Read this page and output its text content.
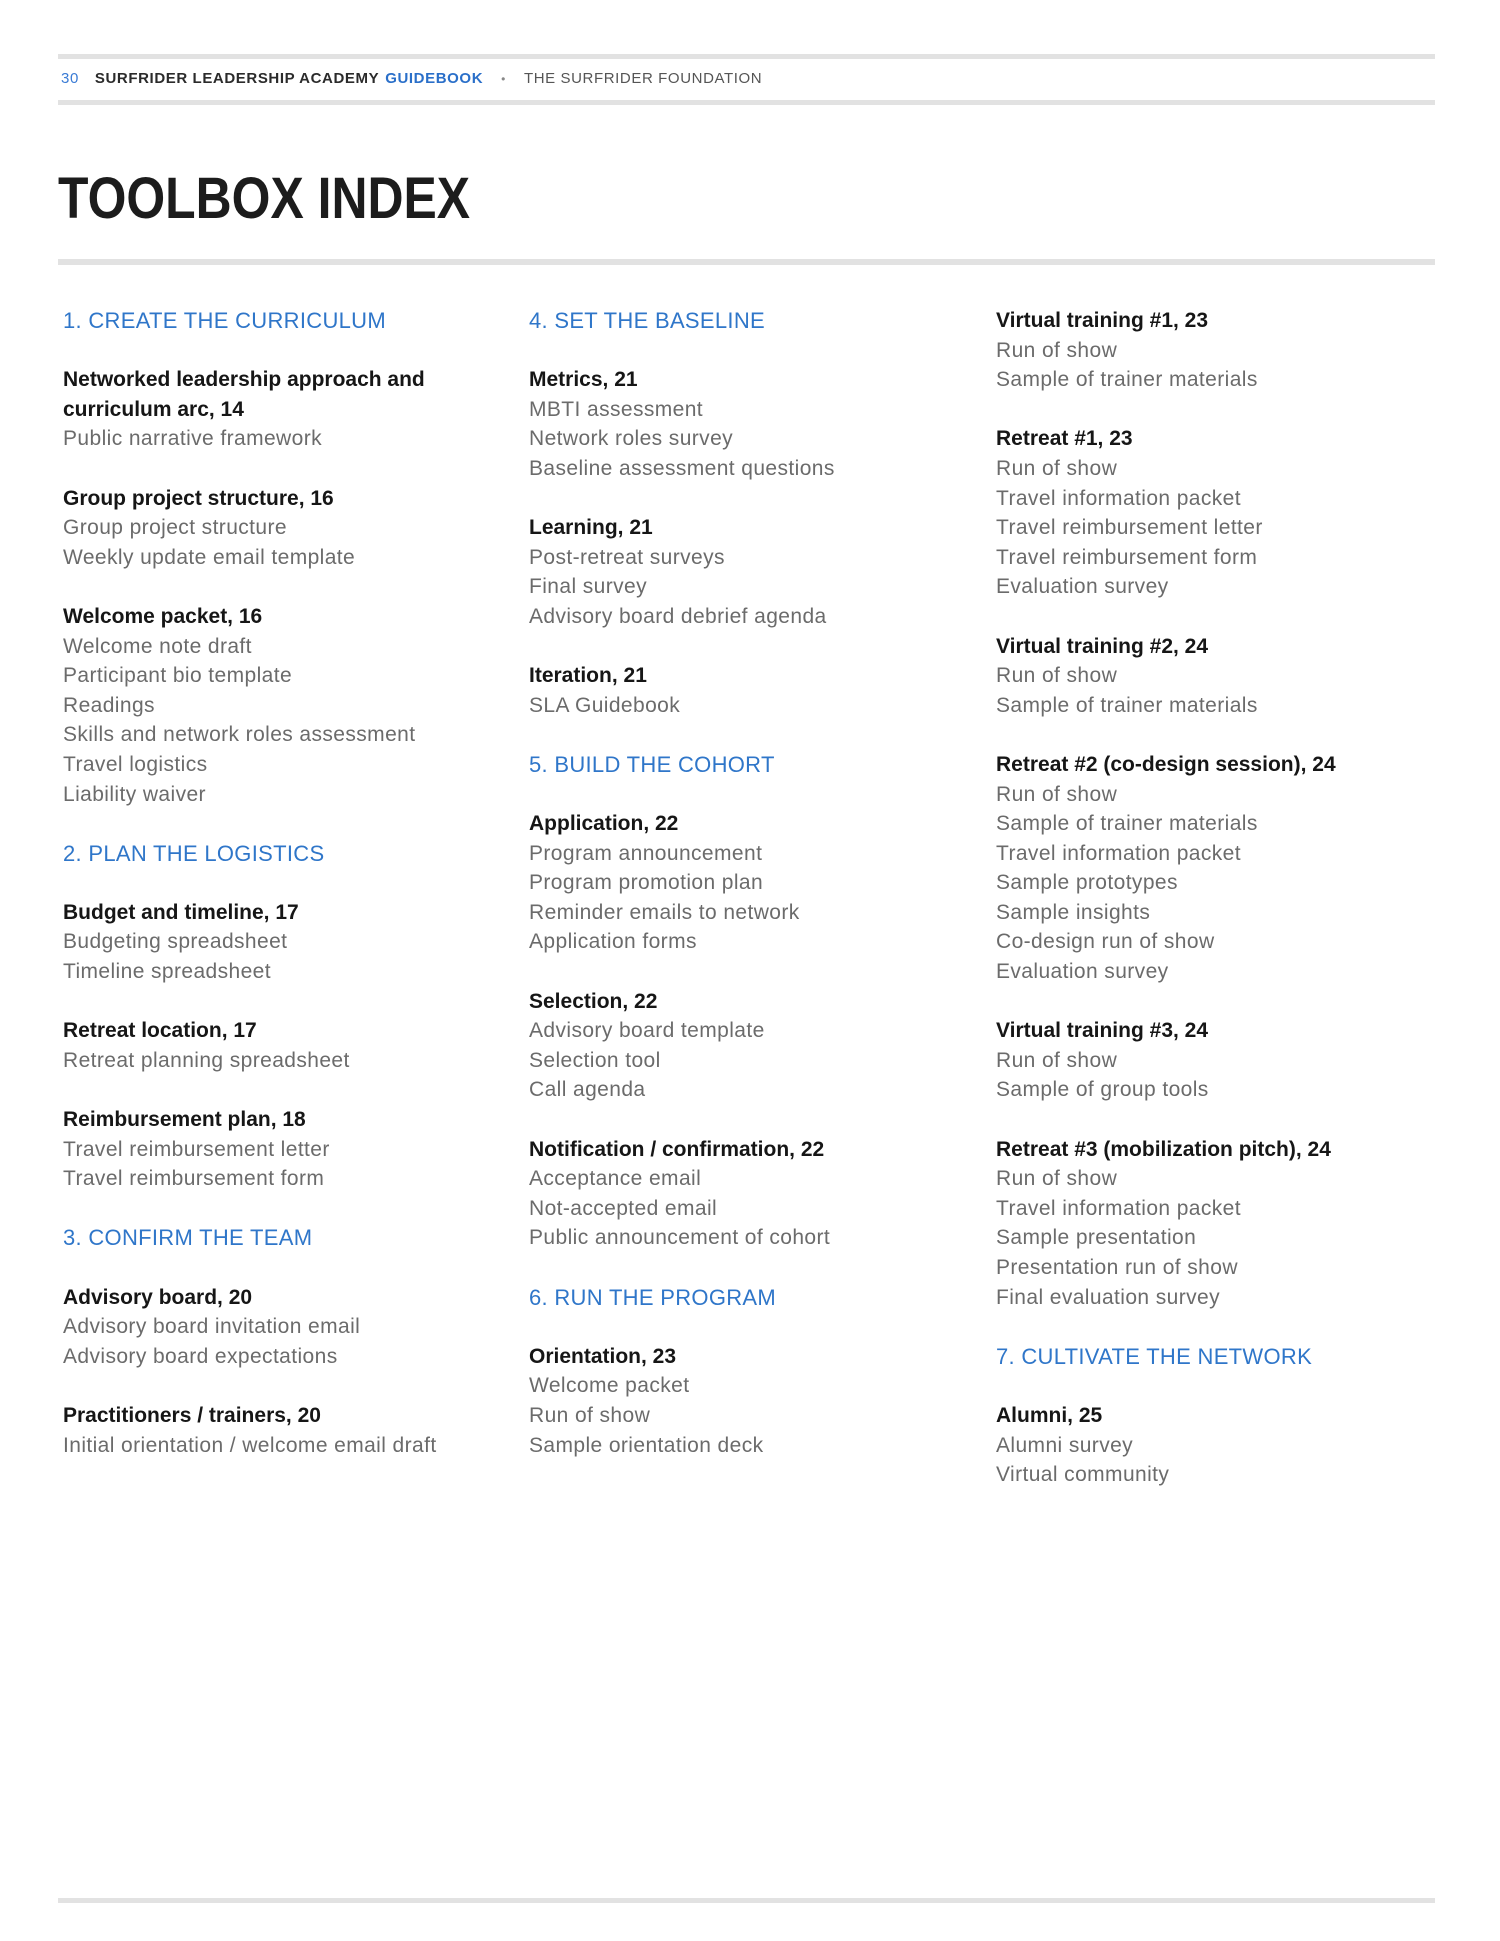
30 SURFRIDER LEADERSHIP ACADEMY GUIDEBOOK • THE SURFRIDER FOUNDATION
TOOLBOX INDEX
1. CREATE THE CURRICULUM
Networked leadership approach and curriculum arc, 14
Public narrative framework
Group project structure, 16
Group project structure
Weekly update email template
Welcome packet, 16
Welcome note draft
Participant bio template
Readings
Skills and network roles assessment
Travel logistics
Liability waiver
2. PLAN THE LOGISTICS
Budget and timeline, 17
Budgeting spreadsheet
Timeline spreadsheet
Retreat location, 17
Retreat planning spreadsheet
Reimbursement plan, 18
Travel reimbursement letter
Travel reimbursement form
3. CONFIRM THE TEAM
Advisory board, 20
Advisory board invitation email
Advisory board expectations
Practitioners / trainers, 20
Initial orientation / welcome email draft
4. SET THE BASELINE
Metrics, 21
MBTI assessment
Network roles survey
Baseline assessment questions
Learning, 21
Post-retreat surveys
Final survey
Advisory board debrief agenda
Iteration, 21
SLA Guidebook
5. BUILD THE COHORT
Application, 22
Program announcement
Program promotion plan
Reminder emails to network
Application forms
Selection, 22
Advisory board template
Selection tool
Call agenda
Notification / confirmation, 22
Acceptance email
Not-accepted email
Public announcement of cohort
6. RUN THE PROGRAM
Orientation, 23
Welcome packet
Run of show
Sample orientation deck
Virtual training #1, 23
Run of show
Sample of trainer materials
Retreat #1, 23
Run of show
Travel information packet
Travel reimbursement letter
Travel reimbursement form
Evaluation survey
Virtual training #2, 24
Run of show
Sample of trainer materials
Retreat #2 (co-design session), 24
Run of show
Sample of trainer materials
Travel information packet
Sample prototypes
Sample insights
Co-design run of show
Evaluation survey
Virtual training #3, 24
Run of show
Sample of group tools
Retreat #3 (mobilization pitch), 24
Run of show
Travel information packet
Sample presentation
Presentation run of show
Final evaluation survey
7. CULTIVATE THE NETWORK
Alumni, 25
Alumni survey
Virtual community
